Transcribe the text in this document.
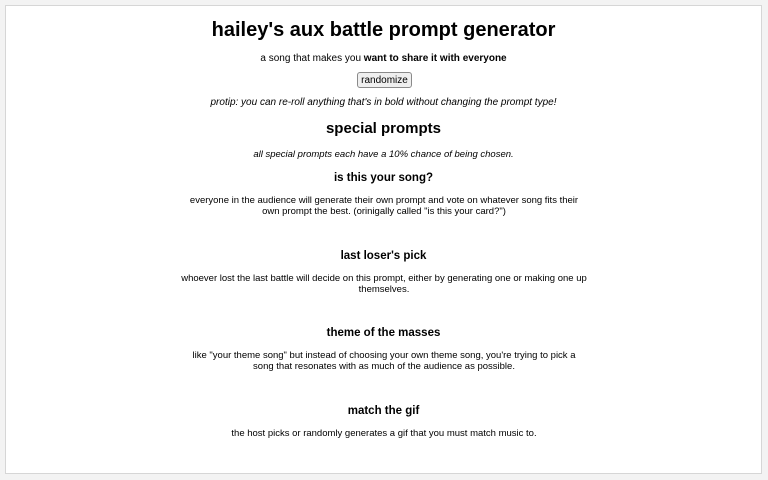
hailey's aux battle prompt generator

a song that makes you want to share it with everyone

randomize

protip: you can re-roll anything that's in bold without changing the prompt type!

special prompts

all special prompts each have a 10% chance of being chosen.

is this your song?

everyone in the audience will generate their own prompt and vote on whatever song fits their own prompt the best. (orinigally called "is this your card?")

last loser's pick

whoever lost the last battle will decide on this prompt, either by generating one or making one up themselves.

theme of the masses

like "your theme song" but instead of choosing your own theme song, you're trying to pick a song that resonates with as much of the audience as possible.

match the gif

the host picks or randomly generates a gif that you must match music to.
